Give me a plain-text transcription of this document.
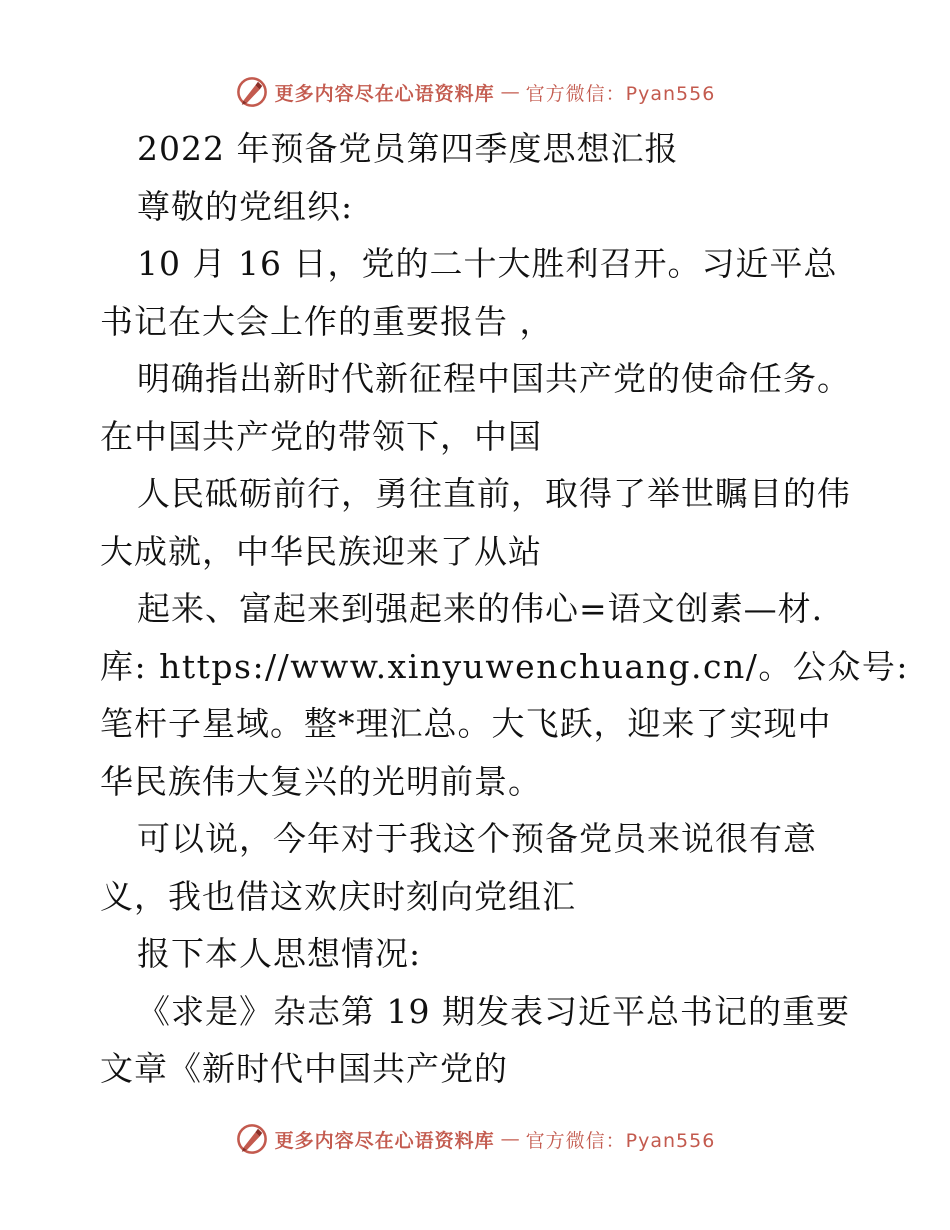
更多内容尽在心语资料库 — 官方微信：Pyan556
2022 年预备党员第四季度思想汇报
尊敬的党组织:
10 月 16 日，党的二十大胜利召开。习近平总
书记在大会上作的重要报告 ，
明确指出新时代新征程中国共产党的使命任务。
在中国共产党的带领下，中国
人民砥砺前行，勇往直前，取得了举世瞩目的伟
大成就，中华民族迎来了从站
起来、富起来到强起来的伟心=语文创素—材.
库: https://www.xinyuwenchuang.cn/。公众号:
笔杆子星域。整*理汇总。大飞跃，迎来了实现中
华民族伟大复兴的光明前景。
可以说，今年对于我这个预备党员来说很有意
义，我也借这欢庆时刻向党组汇
报下本人思想情况:
《求是》杂志第 19 期发表习近平总书记的重要
文章《新时代中国共产党的
更多内容尽在心语资料库 — 官方微信：Pyan556
